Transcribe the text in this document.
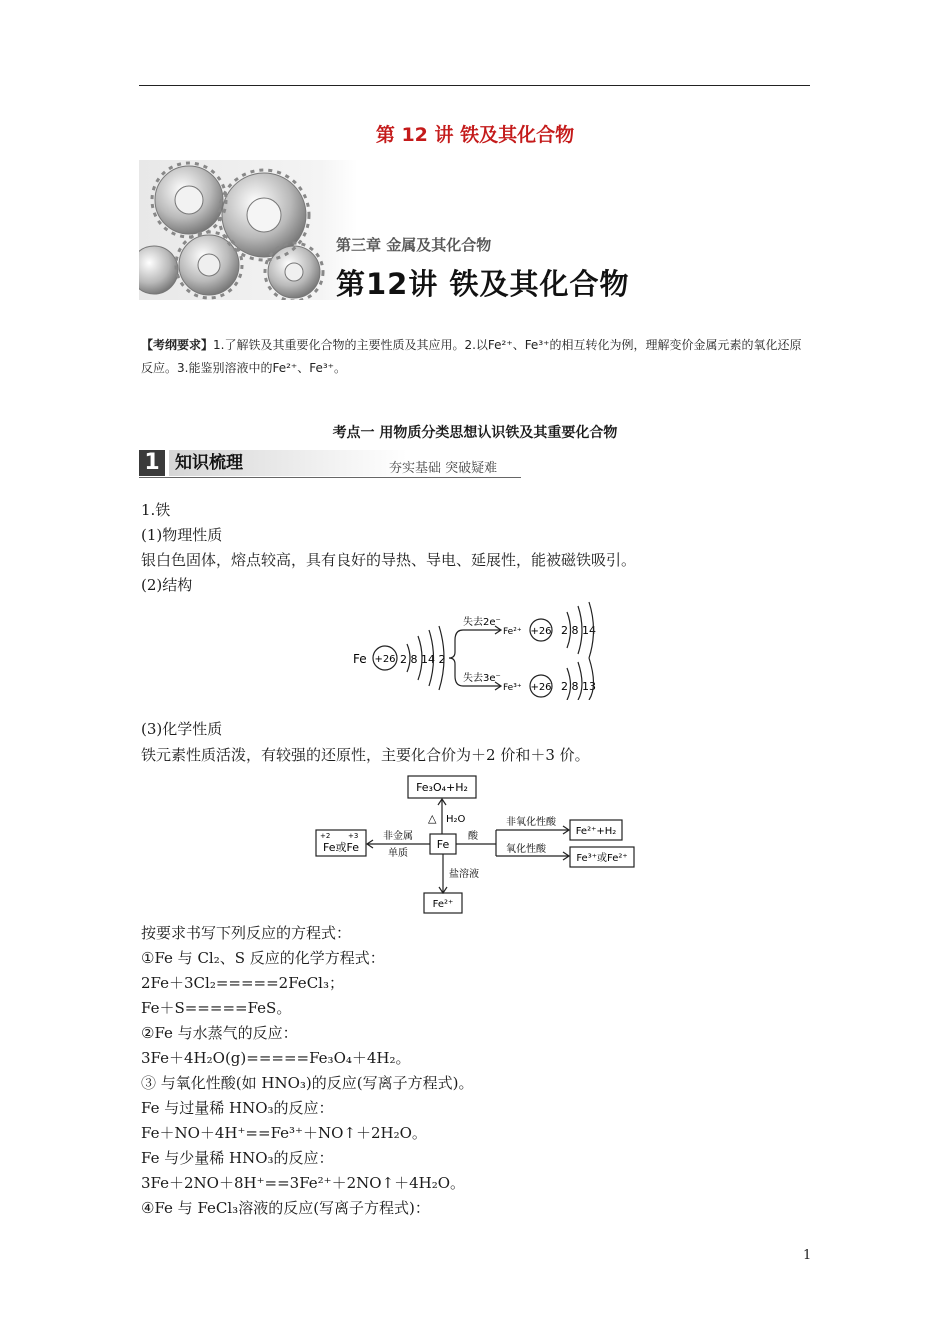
第 12 讲 铁及其化合物
第三章 金属及其化合物
第12讲 铁及其化合物
【考纲要求】1.了解铁及其重要化合物的主要性质及其应用。2.以Fe²⁺、Fe³⁺的相互转化为例，理解变价金属元素的氧化还原
反应。3.能鉴别溶液中的Fe²⁺、Fe³⁺。
考点一 用物质分类思想认识铁及其重要化合物
1 知识梳理	夯实基础 突破疑难
1.铁
(1)物理性质
银白色固体，熔点较高，具有良好的导热、导电、延展性，能被磁铁吸引。
(2)结构
Fe +26 2 8 14 2
失去2e⁻
Fe²⁺ +26 2 8 14
失去3e⁻
Fe³⁺ +26 2 8 13
(3)化学性质
铁元素性质活泼，有较强的还原性，主要化合价为＋2 价和＋3 价。
Fe₃O₄+H₂
△ H₂O
Fe
+2	+3
Fe或Fe
非金属
单质
酸
非氧化性酸
氧化性酸
Fe²⁺+H₂
Fe³⁺或Fe²⁺
盐溶液
Fe²⁺
按要求书写下列反应的方程式：
①Fe 与 Cl₂、S 反应的化学方程式：
2Fe＋3Cl₂=====2FeCl₃；
Fe＋S=====FeS。
②Fe 与水蒸气的反应：
3Fe＋4H₂O(g)=====Fe₃O₄＋4H₂。
③ 与氧化性酸(如 HNO₃)的反应(写离子方程式)。
Fe 与过量稀 HNO₃的反应：
Fe＋NO＋4H⁺==Fe³⁺＋NO↑＋2H₂O。
Fe 与少量稀 HNO₃的反应：
3Fe＋2NO＋8H⁺==3Fe²⁺＋2NO↑＋4H₂O。
④Fe 与 FeCl₃溶液的反应(写离子方程式)：
1
